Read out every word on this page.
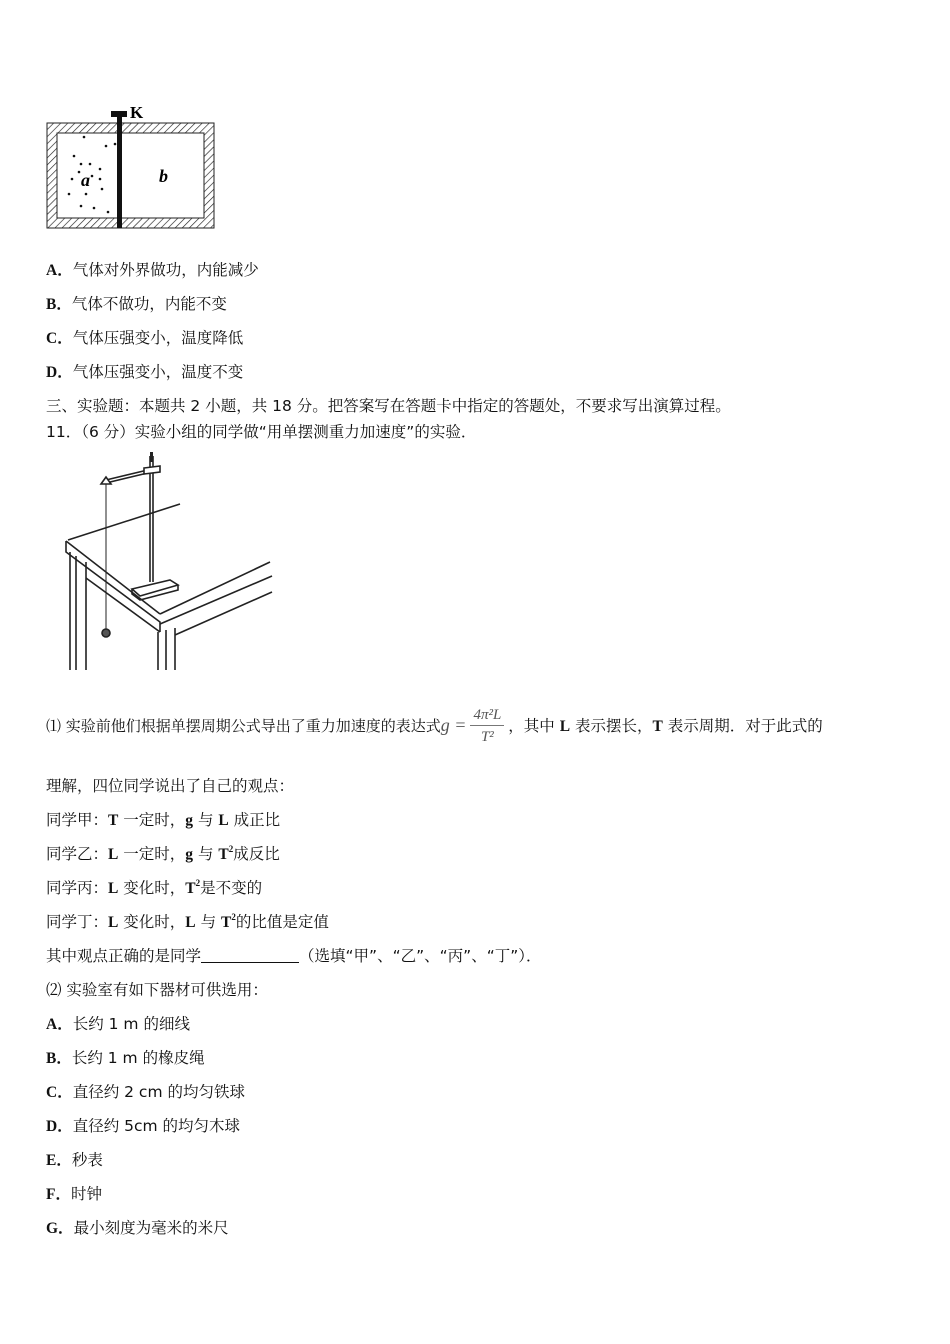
K
a	b
A．气体对外界做功，内能减少
B．气体不做功，内能不变
C．气体压强变小，温度降低
D．气体压强变小，温度不变
三、实验题：本题共 2 小题，共 18 分。把答案写在答题卡中指定的答题处，不要求写出演算过程。
11．（6 分）实验小组的同学做“用单摆测重力加速度”的实验．
⑴ 实验前他们根据单摆周期公式导出了重力加速度的表达式$g = \frac{\text{4π²L}}{\text{T²}}$ ，其中 L 表示摆长，T 表示周期．对于此式的
理解，四位同学说出了自己的观点：
同学甲：T 一定时，g 与 L 成正比
同学乙：L 一定时，g 与 $T^2$成反比
同学丙：L 变化时，$T^2$是不变的
同学丁：L 变化时，L 与 $T^2$的比值是定值
其中观点正确的是同学	（选填“甲”、“乙”、“丙”、“丁”）．
⑵ 实验室有如下器材可供选用：
A．长约 1 m 的细线
B．长约 1 m 的橡皮绳
C．直径约 2 cm 的均匀铁球
D．直径约 5cm 的均匀木球
E．秒表
F．时钟
G．最小刻度为毫米的米尺
